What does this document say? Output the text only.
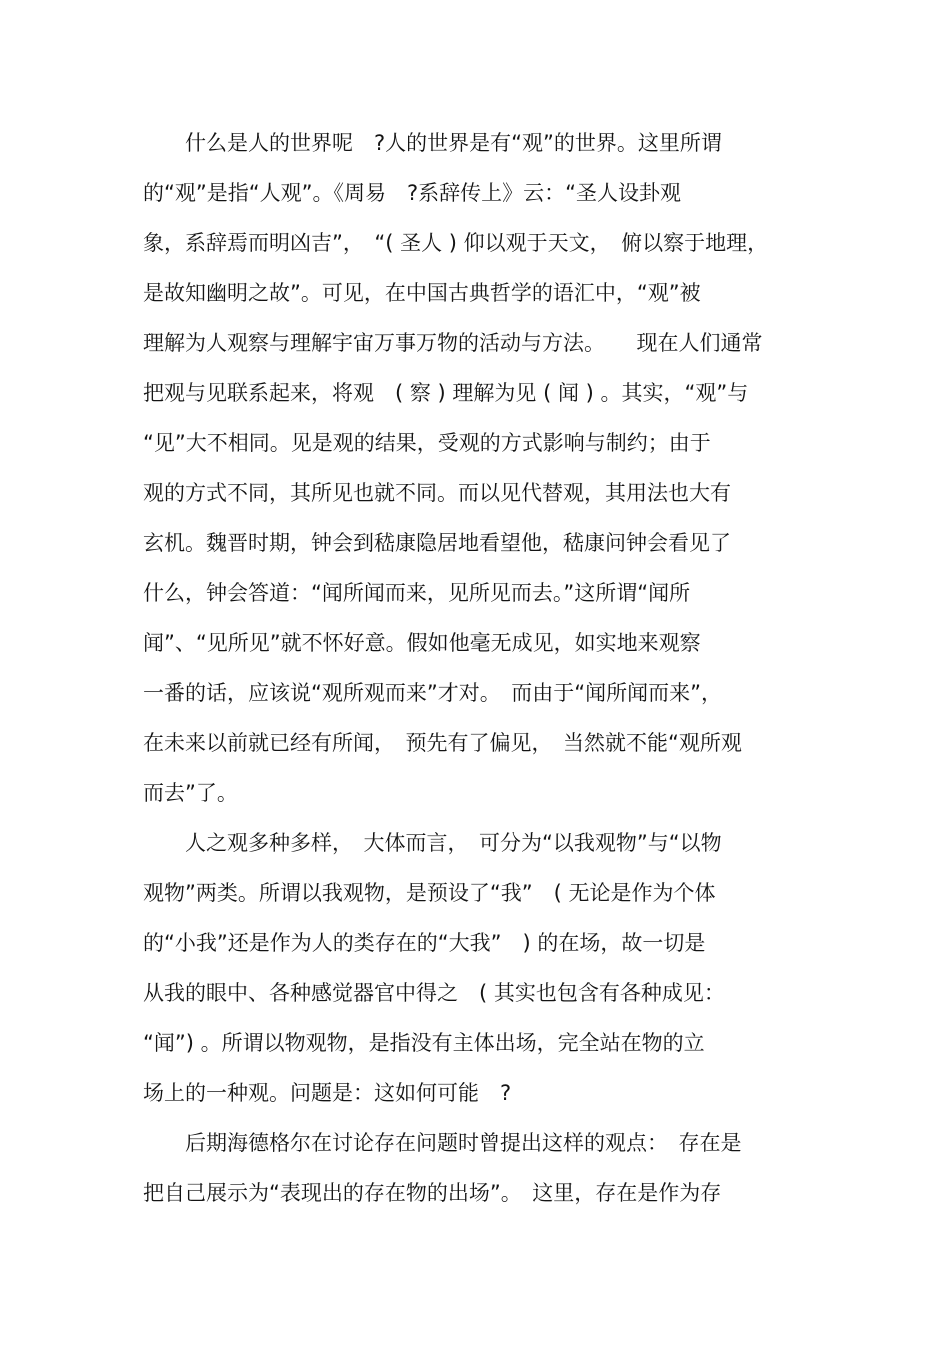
　　什么是人的世界呢　?人的世界是有“观”的世界。这里所谓
的“观”是指“人观”。《周易　?系辞传上》云：“圣人设卦观
象，系辞焉而明凶吉”，　“( 圣人 ) 仰以观于天文，　俯以察于地理，
是故知幽明之故”。可见，在中国古典哲学的语汇中，“观”被
理解为人观察与理解宇宙万事万物的活动与方法。　　现在人们通常
把观与见联系起来，将观　( 察 ) 理解为见 ( 闻 ) 。其实，“观”与
“见”大不相同。见是观的结果，受观的方式影响与制约；由于
观的方式不同，其所见也就不同。而以见代替观，其用法也大有
玄机。魏晋时期，钟会到嵇康隐居地看望他，嵇康问钟会看见了
什么，钟会答道：“闻所闻而来，见所见而去。”这所谓“闻所
闻”、“见所见”就不怀好意。假如他毫无成见，如实地来观察
一番的话，应该说“观所观而来”才对。　而由于“闻所闻而来”，
在未来以前就已经有所闻，　预先有了偏见，　当然就不能“观所观
而去”了。
　　人之观多种多样，　大体而言，　可分为“以我观物”与“以物
观物”两类。所谓以我观物，是预设了“我”　( 无论是作为个体
的“小我”还是作为人的类存在的“大我”　) 的在场，故一切是
从我的眼中、各种感觉器官中得之　( 其实也包含有各种成见：
“闻”) 。所谓以物观物，是指没有主体出场，完全站在物的立
场上的一种观。问题是：这如何可能　?
　　后期海德格尔在讨论存在问题时曾提出这样的观点：　存在是
把自己展示为“表现出的存在物的出场”。　这里，存在是作为存
